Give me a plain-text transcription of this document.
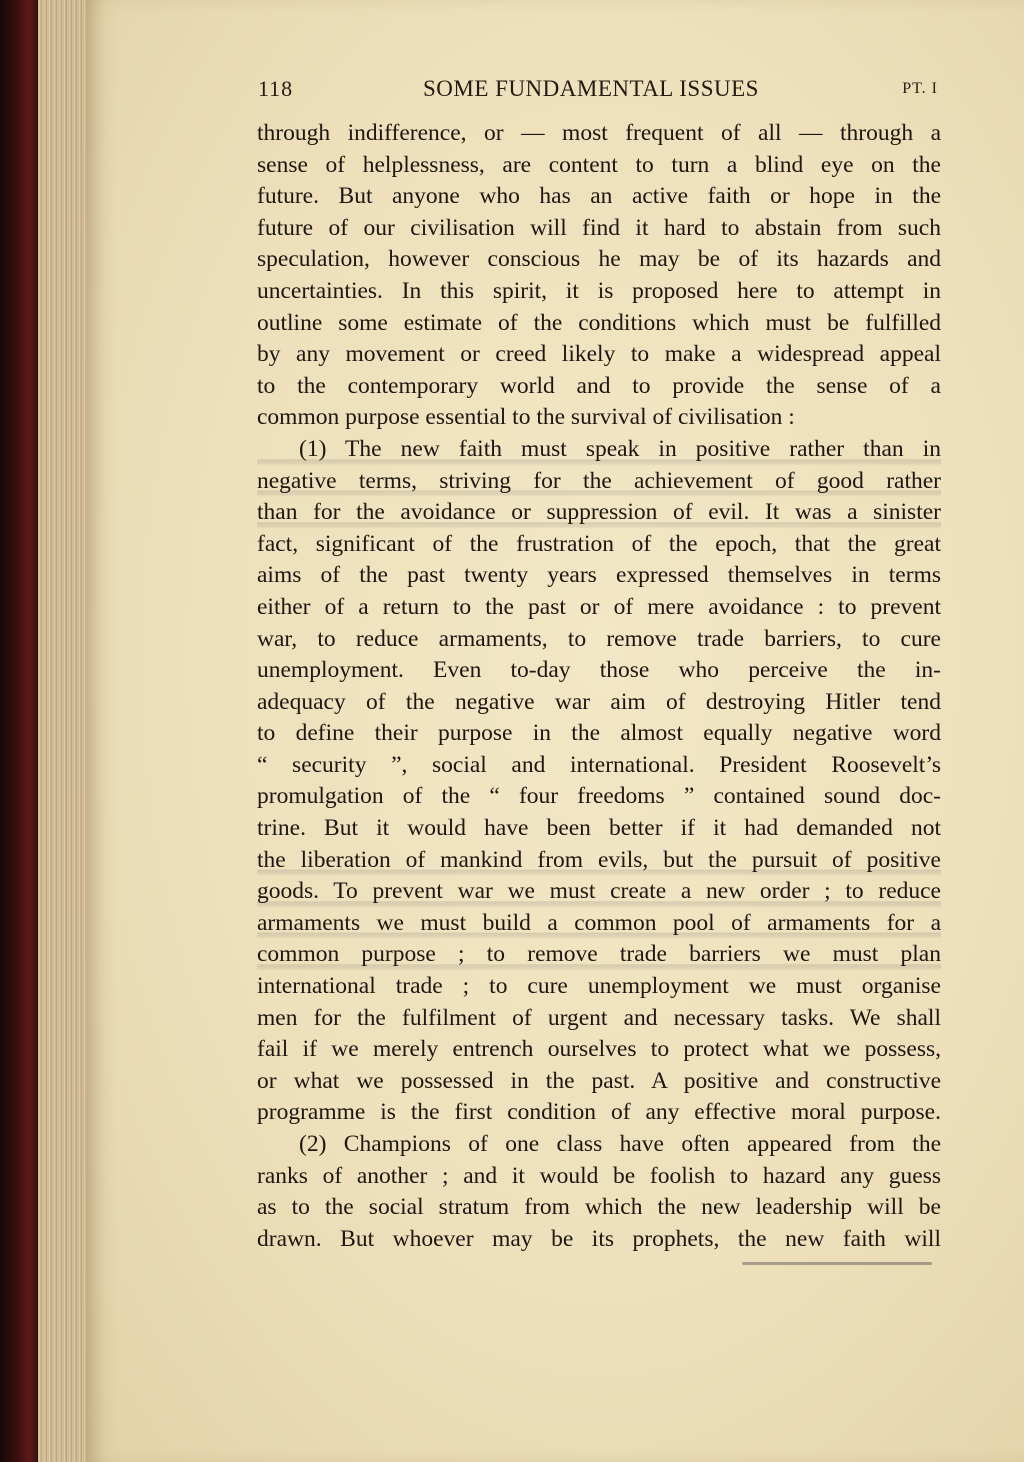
118	SOME FUNDAMENTAL ISSUES	PT. I
through indifference, or — most frequent of all — through a
sense of helplessness, are content to turn a blind eye on the
future. But anyone who has an active faith or hope in the
future of our civilisation will find it hard to abstain from such
speculation, however conscious he may be of its hazards and
uncertainties. In this spirit, it is proposed here to attempt in
outline some estimate of the conditions which must be fulfilled
by any movement or creed likely to make a widespread appeal
to the contemporary world and to provide the sense of a
common purpose essential to the survival of civilisation :
(1) The new faith must speak in positive rather than in
negative terms, striving for the achievement of good rather
than for the avoidance or suppression of evil. It was a sinister
fact, significant of the frustration of the epoch, that the great
aims of the past twenty years expressed themselves in terms
either of a return to the past or of mere avoidance : to prevent
war, to reduce armaments, to remove trade barriers, to cure
unemployment. Even to-day those who perceive the in-
adequacy of the negative war aim of destroying Hitler tend
to define their purpose in the almost equally negative word
“ security ”, social and international. President Roosevelt’s
promulgation of the “ four freedoms ” contained sound doc-
trine. But it would have been better if it had demanded not
the liberation of mankind from evils, but the pursuit of positive
goods. To prevent war we must create a new order ; to reduce
armaments we must build a common pool of armaments for a
common purpose ; to remove trade barriers we must plan
international trade ; to cure unemployment we must organise
men for the fulfilment of urgent and necessary tasks. We shall
fail if we merely entrench ourselves to protect what we possess,
or what we possessed in the past. A positive and constructive
programme is the first condition of any effective moral purpose.
(2) Champions of one class have often appeared from the
ranks of another ; and it would be foolish to hazard any guess
as to the social stratum from which the new leadership will be
drawn. But whoever may be its prophets, the new faith will
